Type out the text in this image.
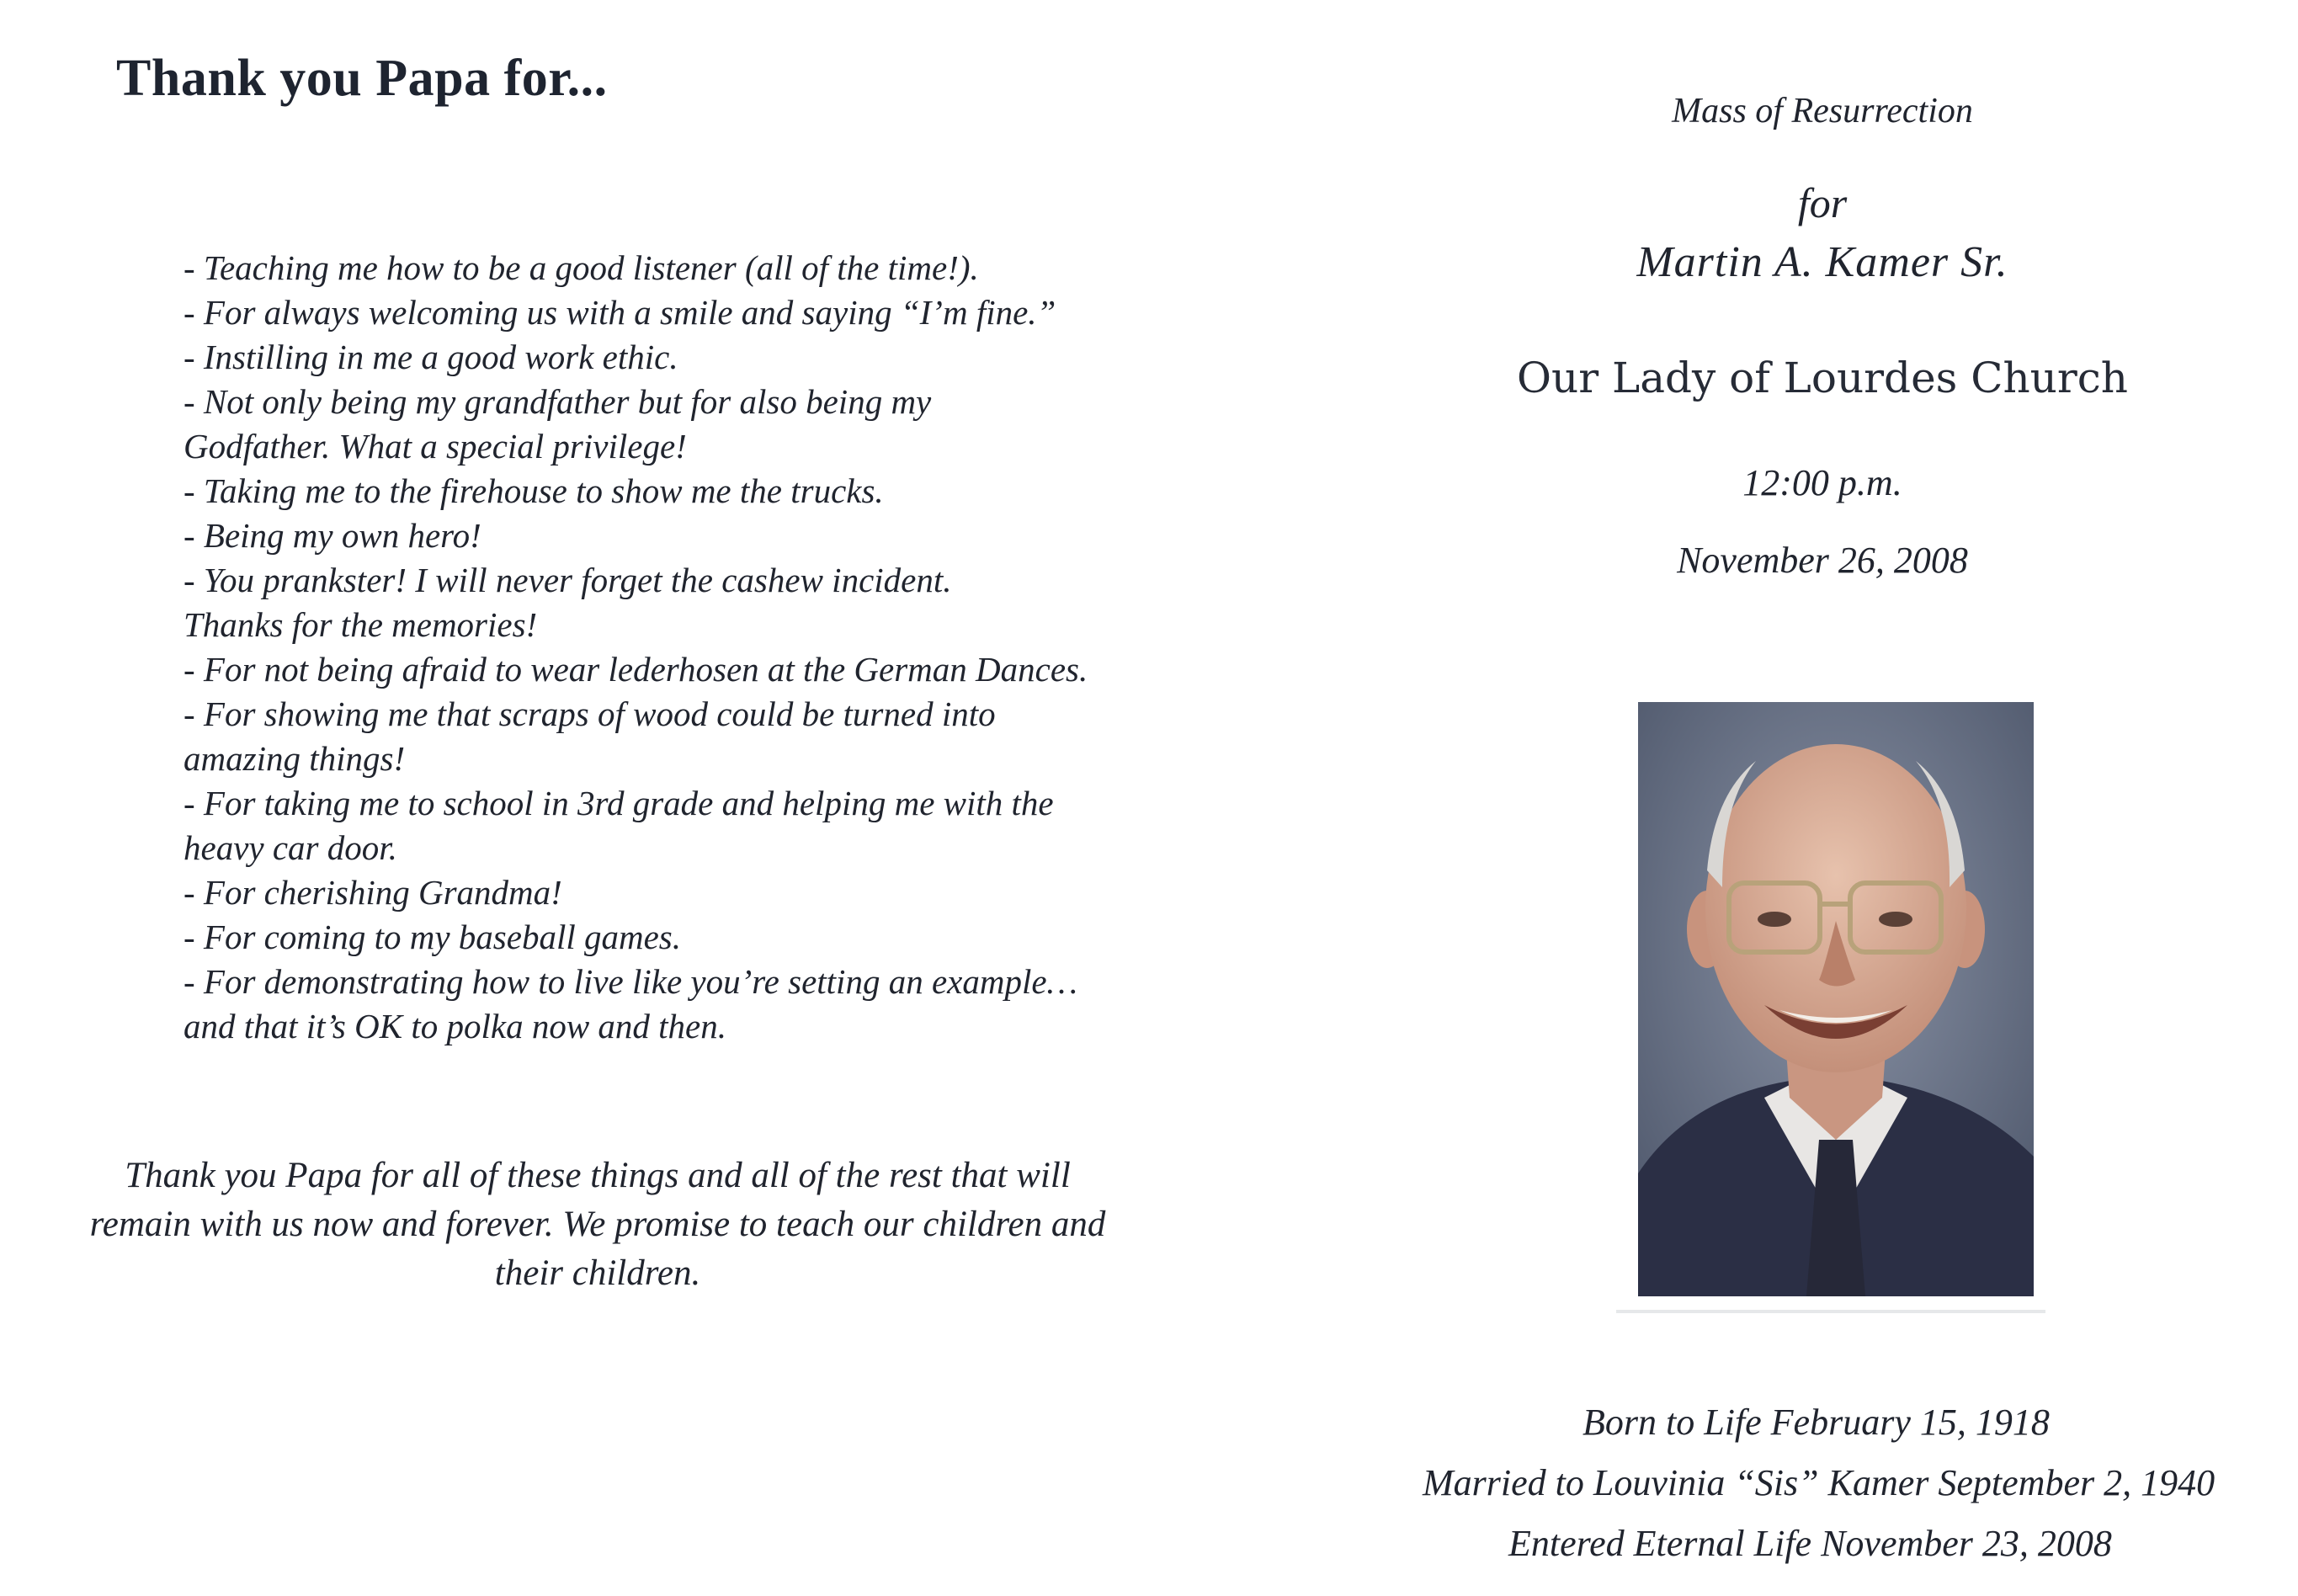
Thank you Papa for...
- Teaching me how to be a good listener (all of the time!).
- For always welcoming us with a smile and saying “I’m fine.”
- Instilling in me a good work ethic.
- Not only being my grandfather but for also being my
Godfather. What a special privilege!
- Taking me to the firehouse to show me the trucks.
- Being my own hero!
- You prankster! I will never forget the cashew incident.
Thanks for the memories!
- For not being afraid to wear lederhosen at the German Dances.
- For showing me that scraps of wood could be turned into
amazing things!
- For taking me to school in 3rd grade and helping me with the
heavy car door.
- For cherishing Grandma!
- For coming to my baseball games.
- For demonstrating how to live like you’re setting an example…
and that it’s OK to polka now and then.
Thank you Papa for all of these things and all of the rest that will remain with us now and forever. We promise to teach our children and their children.
Mass of Resurrection
for
Martin A. Kamer Sr.
Our Lady of Lourdes Church
12:00 p.m.
November 26, 2008
Born to Life February 15, 1918
Married to Louvinia “Sis” Kamer September 2, 1940
Entered Eternal Life November 23, 2008
